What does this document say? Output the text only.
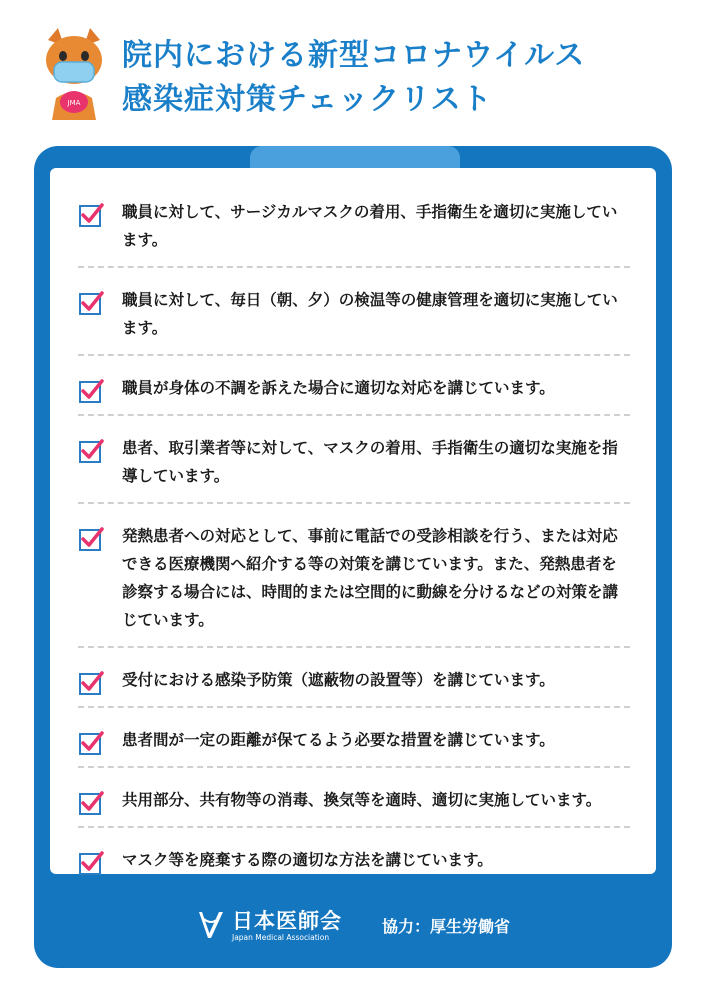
JMA
院内における新型コロナウイルス
感染症対策チェックリスト
職員に対して、サージカルマスクの着用、手指衛生を適切に実施しています。
職員に対して、毎日（朝、夕）の検温等の健康管理を適切に実施しています。
職員が身体の不調を訴えた場合に適切な対応を講じています。
患者、取引業者等に対して、マスクの着用、手指衛生の適切な実施を指導しています。
発熱患者への対応として、事前に電話での受診相談を行う、または対応できる医療機関へ紹介する等の対策を講じています。また、発熱患者を診察する場合には、時間的または空間的に動線を分けるなどの対策を講じています。
受付における感染予防策（遮蔽物の設置等）を講じています。
患者間が一定の距離が保てるよう必要な措置を講じています。
共用部分、共有物等の消毒、換気等を適時、適切に実施しています。
マスク等を廃棄する際の適切な方法を講じています。
日本医師会
Japan Medical Association
協力：厚生労働省
